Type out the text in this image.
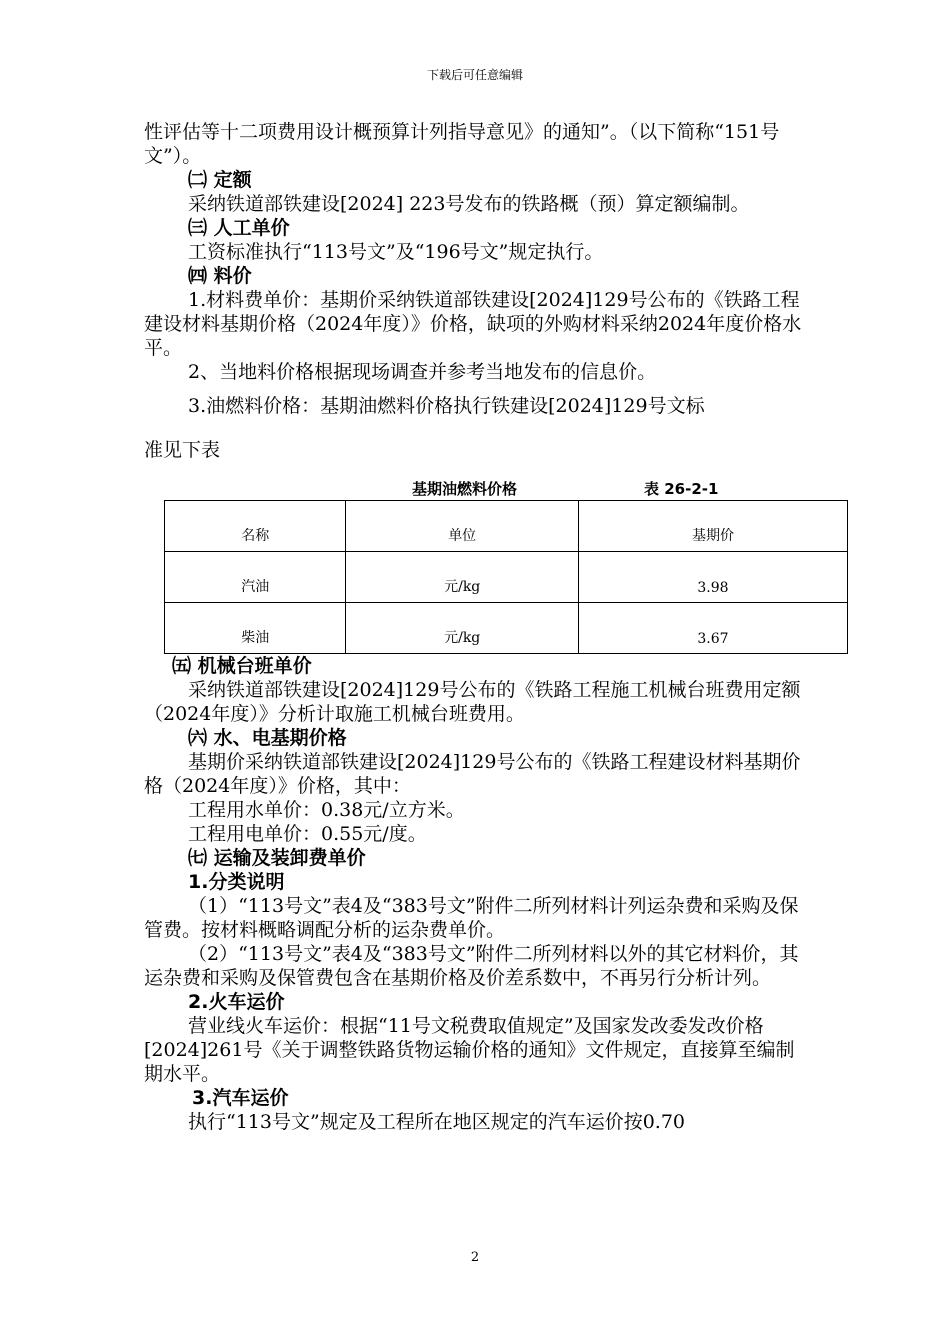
下载后可任意编辑

性评估等十二项费用设计概预算计列指导意见》的通知”。（以下简称“151号文”）。

㈡ 定额

采纳铁道部铁建设[2024] 223号发布的铁路概（预）算定额编制。

㈢ 人工单价

工资标准执行“113号文”及“196号文”规定执行。

㈣ 料价

1.材料费单价：基期价采纳铁道部铁建设[2024]129号公布的《铁路工程建设材料基期价格（2024年度）》价格，缺项的外购材料采纳2024年度价格水平。

2、当地料价格根据现场调查并参考当地发布的信息价。

3.油燃料价格：基期油燃料价格执行铁建设[2024]129号文标

准见下表

基期油燃料价格	表 26-2-1
名称	单位	基期价
汽油	元/kg	3.98
柴油	元/kg	3.67

㈤ 机械台班单价

采纳铁道部铁建设[2024]129号公布的《铁路工程施工机械台班费用定额（2024年度）》分析计取施工机械台班费用。

㈥ 水、电基期价格

基期价采纳铁道部铁建设[2024]129号公布的《铁路工程建设材料基期价格（2024年度）》价格，其中：

工程用水单价：0.38元/立方米。

工程用电单价：0.55元/度。

㈦ 运输及装卸费单价

1.分类说明

（1）“113号文”表4及“383号文”附件二所列材料计列运杂费和采购及保管费。按材料概略调配分析的运杂费单价。

（2）“113号文”表4及“383号文”附件二所列材料以外的其它材料价，其运杂费和采购及保管费包含在基期价格及价差系数中，不再另行分析计列。

2.火车运价

营业线火车运价：根据“11号文税费取值规定”及国家发改委发改价格[2024]261号《关于调整铁路货物运输价格的通知》文件规定，直接算至编制期水平。

3.汽车运价

执行“113号文”规定及工程所在地区规定的汽车运价按0.70

2
